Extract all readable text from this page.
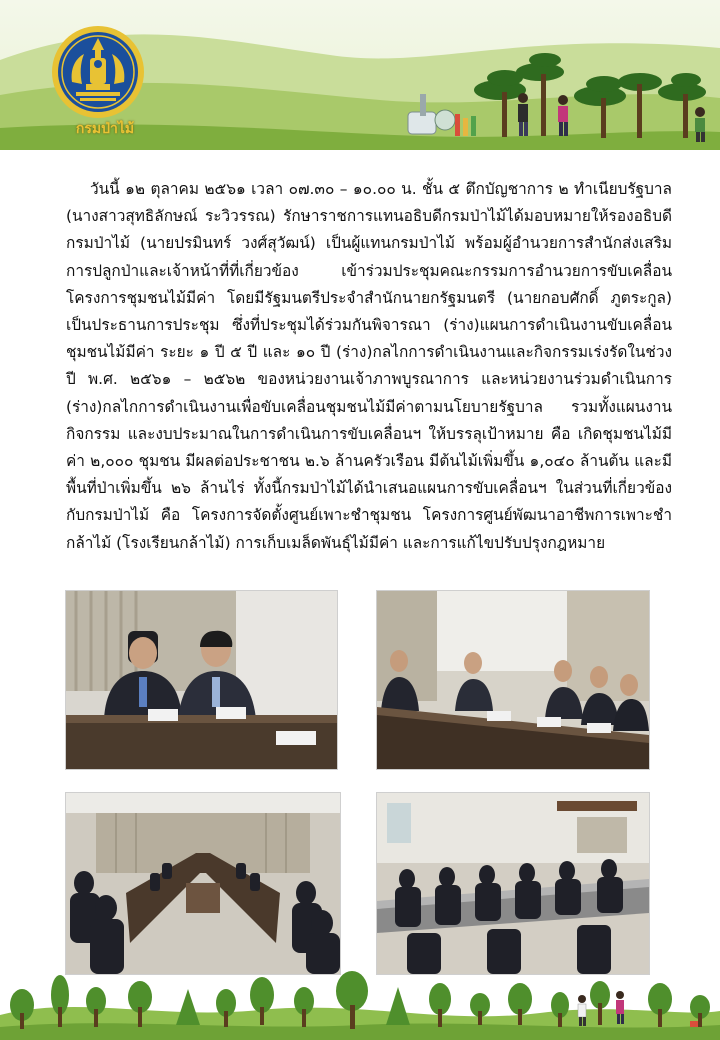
กรมป่าไม้

วันนี้ ๑๒ ตุลาคม ๒๕๖๑ เวลา ๐๗.๓๐ – ๑๐.๐๐ น. ชั้น ๕ ตึกบัญชาการ ๒ ทำเนียบรัฐบาล (นางสาวสุทธิลักษณ์ ระวิวรรณ) รักษาราชการแทนอธิบดีกรมป่าไม้ได้มอบหมายให้รองอธิบดีกรมป่าไม้ (นายปรมินทร์ วงศ์สุวัฒน์) เป็นผู้แทนกรมป่าไม้ พร้อมผู้อำนวยการสำนักส่งเสริมการปลูกป่าและเจ้าหน้าที่ที่เกี่ยวข้อง เข้าร่วมประชุมคณะกรรมการอำนวยการขับเคลื่อนโครงการชุมชนไม้มีค่า โดยมีรัฐมนตรีประจำสำนักนายกรัฐมนตรี (นายกอบศักดิ์ ภูตระกูล) เป็นประธานการประชุม ซึ่งที่ประชุมได้ร่วมกันพิจารณา (ร่าง)แผนการดำเนินงานขับเคลื่อนชุมชนไม้มีค่า ระยะ ๑ ปี ๕ ปี และ ๑๐ ปี (ร่าง)กลไกการดำเนินงานและกิจกรรมเร่งรัดในช่วงปี พ.ศ. ๒๕๖๑ – ๒๕๖๒ ของหน่วยงานเจ้าภาพบูรณาการ และหน่วยงานร่วมดำเนินการ (ร่าง)กลไกการดำเนินงานเพื่อขับเคลื่อนชุมชนไม้มีค่าตามนโยบายรัฐบาล รวมทั้งแผนงาน กิจกรรม และงบประมาณในการดำเนินการขับเคลื่อนฯ ให้บรรลุเป้าหมาย คือ เกิดชุมชนไม้มีค่า ๒,๐๐๐ ชุมชน มีผลต่อประชาชน ๒.๖ ล้านครัวเรือน มีต้นไม้เพิ่มขึ้น ๑,๐๔๐ ล้านต้น และมีพื้นที่ป่าเพิ่มขึ้น ๒๖ ล้านไร่ ทั้งนี้กรมป่าไม้ได้นำเสนอแผนการขับเคลื่อนฯ ในส่วนที่เกี่ยวข้องกับกรมป่าไม้ คือ โครงการจัดตั้งศูนย์เพาะชำชุมชน โครงการศูนย์พัฒนาอาชีพการเพาะชำกล้าไม้ (โรงเรียนกล้าไม้) การเก็บเมล็ดพันธุ์ไม้มีค่า และการแก้ไขปรับปรุงกฎหมาย
